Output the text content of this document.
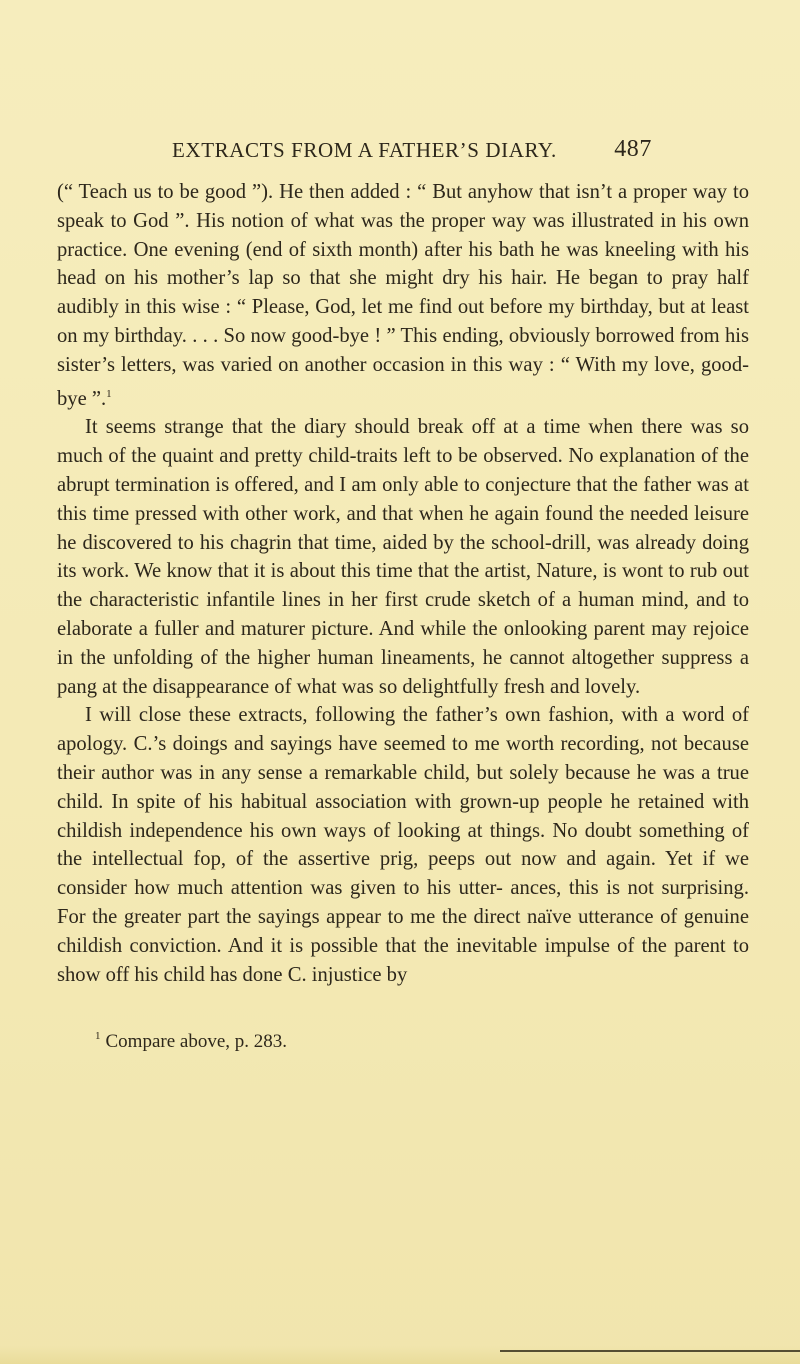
EXTRACTS FROM A FATHER’S DIARY. 487

(“ Teach us to be good ”). He then added : “ But anyhow that isn’t a proper way to speak to God ”. His notion of what was the proper way was illustrated in his own practice. One evening (end of sixth month) after his bath he was kneeling with his head on his mother’s lap so that she might dry his hair. He began to pray half audibly in this wise : “ Please, God, let me find out before my birthday, but at least on my birthday. . . . So now good-bye ! ” This ending, obviously borrowed from his sister’s letters, was varied on another occasion in this way : “ With my love, good-bye ”.$^1$

It seems strange that the diary should break off at a time when there was so much of the quaint and pretty child-traits left to be observed. No explanation of the abrupt termination is offered, and I am only able to conjecture that the father was at this time pressed with other work, and that when he again found the needed leisure he discovered to his chagrin that time, aided by the school-drill, was already doing its work. We know that it is about this time that the artist, Nature, is wont to rub out the characteristic infantile lines in her first crude sketch of a human mind, and to elaborate a fuller and maturer picture. And while the onlooking parent may rejoice in the unfolding of the higher human lineaments, he cannot altogether suppress a pang at the disappearance of what was so delightfully fresh and lovely.

I will close these extracts, following the father’s own fashion, with a word of apology. C.’s doings and sayings have seemed to me worth recording, not because their author was in any sense a remarkable child, but solely because he was a true child. In spite of his habitual association with grown-up people he retained with childish independence his own ways of looking at things. No doubt something of the intellectual fop, of the assertive prig, peeps out now and again. Yet if we consider how much attention was given to his utter- ances, this is not surprising. For the greater part the sayings appear to me the direct naïve utterance of genuine childish conviction. And it is possible that the inevitable impulse of the parent to show off his child has done C. injustice by

$^1$ Compare above, p. 283.
